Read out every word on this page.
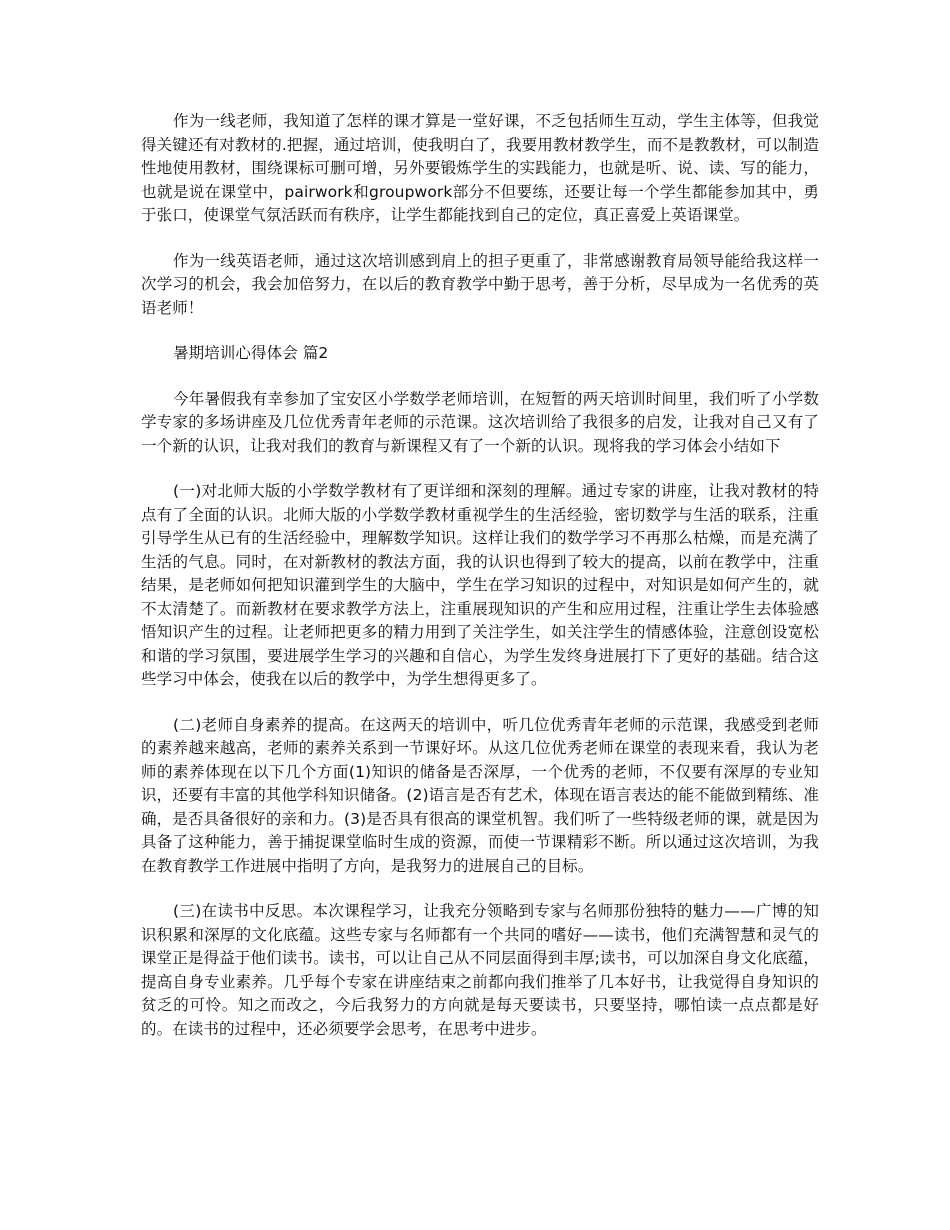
作为一线老师，我知道了怎样的课才算是一堂好课，不乏包括师生互动，学生主体等，但我觉得关键还有对教材的.把握，通过培训，使我明白了，我要用教材教学生，而不是教教材，可以制造性地使用教材，围绕课标可删可增，另外要锻炼学生的实践能力，也就是听、说、读、写的能力，也就是说在课堂中，pairwork和groupwork部分不但要练，还要让每一个学生都能参加其中，勇于张口，使课堂气氛活跃而有秩序，让学生都能找到自己的定位，真正喜爱上英语课堂。

作为一线英语老师，通过这次培训感到肩上的担子更重了，非常感谢教育局领导能给我这样一次学习的机会，我会加倍努力，在以后的教育教学中勤于思考，善于分析，尽早成为一名优秀的英语老师！

暑期培训心得体会 篇2

今年暑假我有幸参加了宝安区小学数学老师培训，在短暂的两天培训时间里，我们听了小学数学专家的多场讲座及几位优秀青年老师的示范课。这次培训给了我很多的启发，让我对自己又有了一个新的认识，让我对我们的教育与新课程又有了一个新的认识。现将我的学习体会小结如下

(一)对北师大版的小学数学教材有了更详细和深刻的理解。通过专家的讲座，让我对教材的特点有了全面的认识。北师大版的小学数学教材重视学生的生活经验，密切数学与生活的联系，注重引导学生从已有的生活经验中，理解数学知识。这样让我们的数学学习不再那么枯燥，而是充满了生活的气息。同时，在对新教材的教法方面，我的认识也得到了较大的提高，以前在教学中，注重结果，是老师如何把知识灌到学生的大脑中，学生在学习知识的过程中，对知识是如何产生的，就不太清楚了。而新教材在要求教学方法上，注重展现知识的产生和应用过程，注重让学生去体验感悟知识产生的过程。让老师把更多的精力用到了关注学生，如关注学生的情感体验，注意创设宽松和谐的学习氛围，要进展学生学习的兴趣和自信心，为学生发终身进展打下了更好的基础。结合这些学习中体会，使我在以后的教学中，为学生想得更多了。

(二)老师自身素养的提高。在这两天的培训中，听几位优秀青年老师的示范课，我感受到老师的素养越来越高，老师的素养关系到一节课好坏。从这几位优秀老师在课堂的表现来看，我认为老师的素养体现在以下几个方面(1)知识的储备是否深厚，一个优秀的老师，不仅要有深厚的专业知识，还要有丰富的其他学科知识储备。(2)语言是否有艺术，体现在语言表达的能不能做到精练、准确，是否具备很好的亲和力。(3)是否具有很高的课堂机智。我们听了一些特级老师的课，就是因为具备了这种能力，善于捕捉课堂临时生成的资源，而使一节课精彩不断。所以通过这次培训，为我在教育教学工作进展中指明了方向，是我努力的进展自己的目标。

(三)在读书中反思。本次课程学习，让我充分领略到专家与名师那份独特的魅力——广博的知识积累和深厚的文化底蕴。这些专家与名师都有一个共同的嗜好——读书，他们充满智慧和灵气的课堂正是得益于他们读书。读书，可以让自己从不同层面得到丰厚;读书，可以加深自身文化底蕴，提高自身专业素养。几乎每个专家在讲座结束之前都向我们推举了几本好书，让我觉得自身知识的贫乏的可怜。知之而改之，今后我努力的方向就是每天要读书，只要坚持，哪怕读一点点都是好的。在读书的过程中，还必须要学会思考，在思考中进步。
